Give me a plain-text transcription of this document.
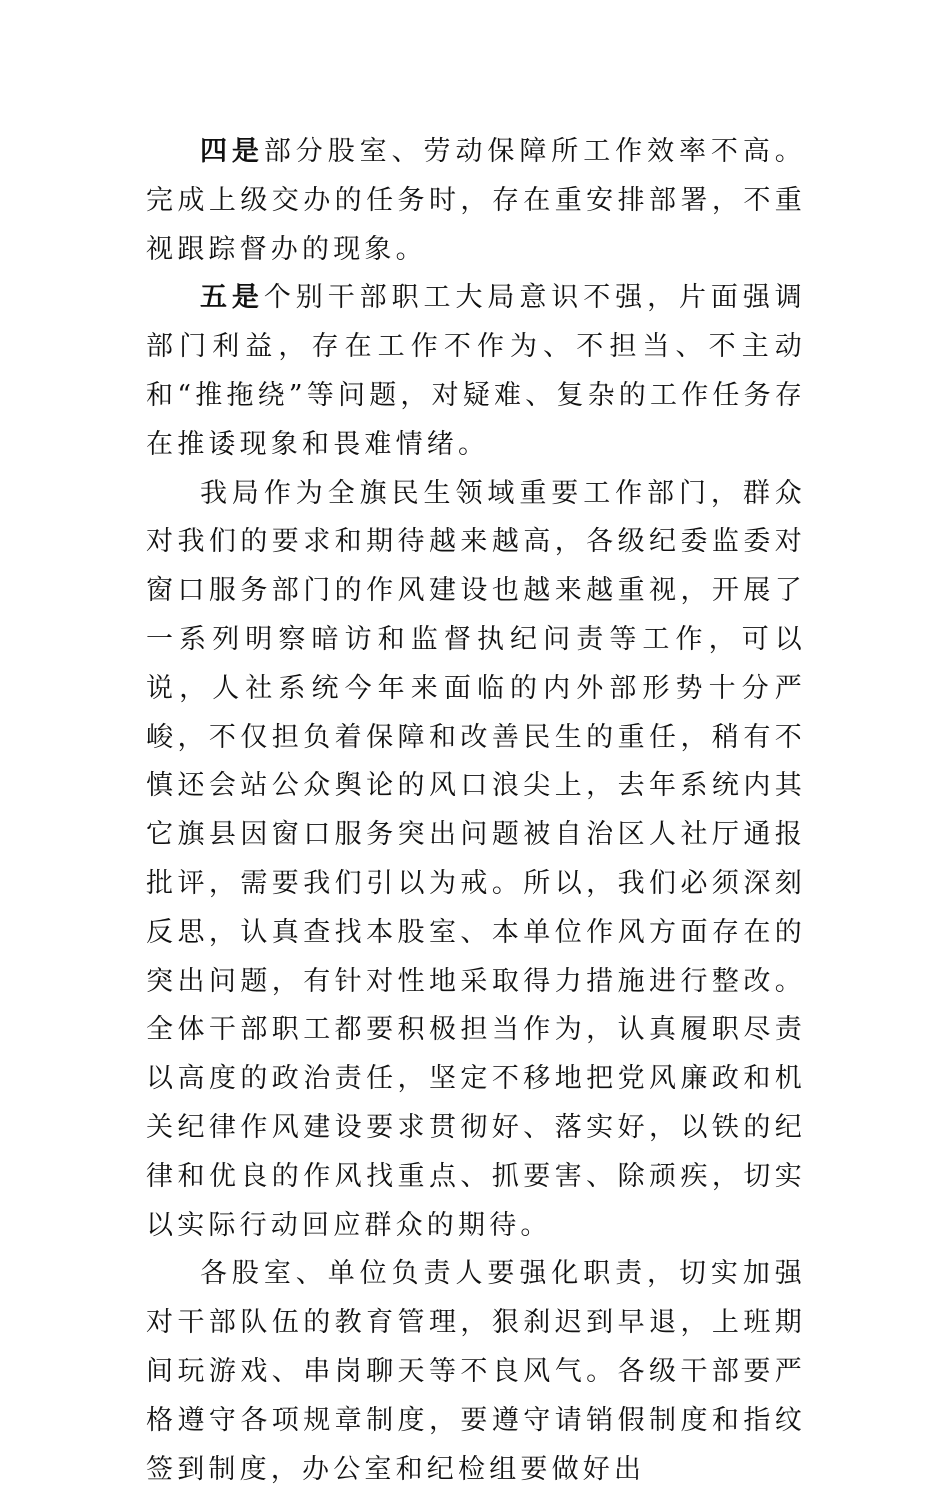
四是部分股室、劳动保障所工作效率不高。完成上级交办的任务时，存在重安排部署，不重视跟踪督办的现象。

五是个别干部职工大局意识不强，片面强调部门利益，存在工作不作为、不担当、不主动和“推拖绕”等问题，对疑难、复杂的工作任务存在推诿现象和畏难情绪。

我局作为全旗民生领域重要工作部门，群众对我们的要求和期待越来越高，各级纪委监委对窗口服务部门的作风建设也越来越重视，开展了一系列明察暗访和监督执纪问责等工作，可以说，人社系统今年来面临的内外部形势十分严峻，不仅担负着保障和改善民生的重任，稍有不慎还会站公众舆论的风口浪尖上，去年系统内其它旗县因窗口服务突出问题被自治区人社厅通报批评，需要我们引以为戒。所以，我们必须深刻反思，认真查找本股室、本单位作风方面存在的突出问题，有针对性地采取得力措施进行整改。全体干部职工都要积极担当作为，认真履职尽责以高度的政治责任，坚定不移地把党风廉政和机关纪律作风建设要求贯彻好、落实好，以铁的纪律和优良的作风找重点、抓要害、除顽疾，切实以实际行动回应群众的期待。

各股室、单位负责人要强化职责，切实加强对干部队伍的教育管理，狠刹迟到早退，上班期间玩游戏、串岗聊天等不良风气。各级干部要严格遵守各项规章制度，要遵守请销假制度和指纹签到制度，办公室和纪检组要做好出
